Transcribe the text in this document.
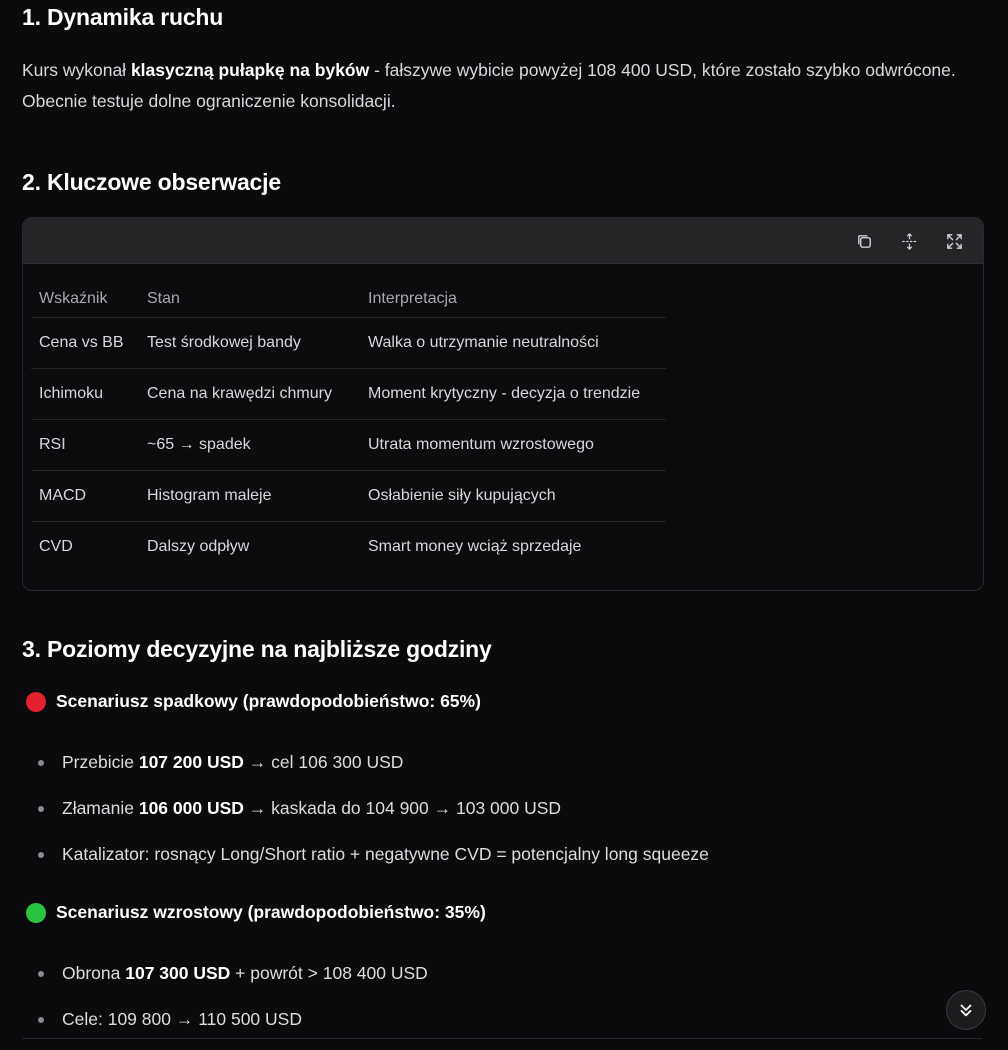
1. Dynamika ruchu
Kurs wykonał klasyczną pułapkę na byków - fałszywe wybicie powyżej 108 400 USD, które zostało szybko odwrócone. Obecnie testuje dolne ograniczenie konsolidacji.
2. Kluczowe obserwacje
Wskaźnik	Stan	Interpretacja
Cena vs BB	Test środkowej bandy	Walka o utrzymanie neutralności
Ichimoku	Cena na krawędzi chmury	Moment krytyczny - decyzja o trendzie
RSI	~65 → spadek	Utrata momentum wzrostowego
MACD	Histogram maleje	Osłabienie siły kupujących
CVD	Dalszy odpływ	Smart money wciąż sprzedaje
3. Poziomy decyzyjne na najbliższe godziny
Scenariusz spadkowy (prawdopodobieństwo: 65%)
Przebicie 107 200 USD → cel 106 300 USD
Złamanie 106 000 USD → kaskada do 104 900 → 103 000 USD
Katalizator: rosnący Long/Short ratio + negatywne CVD = potencjalny long squeeze
Scenariusz wzrostowy (prawdopodobieństwo: 35%)
Obrona 107 300 USD + powrót > 108 400 USD
Cele: 109 800 → 110 500 USD
